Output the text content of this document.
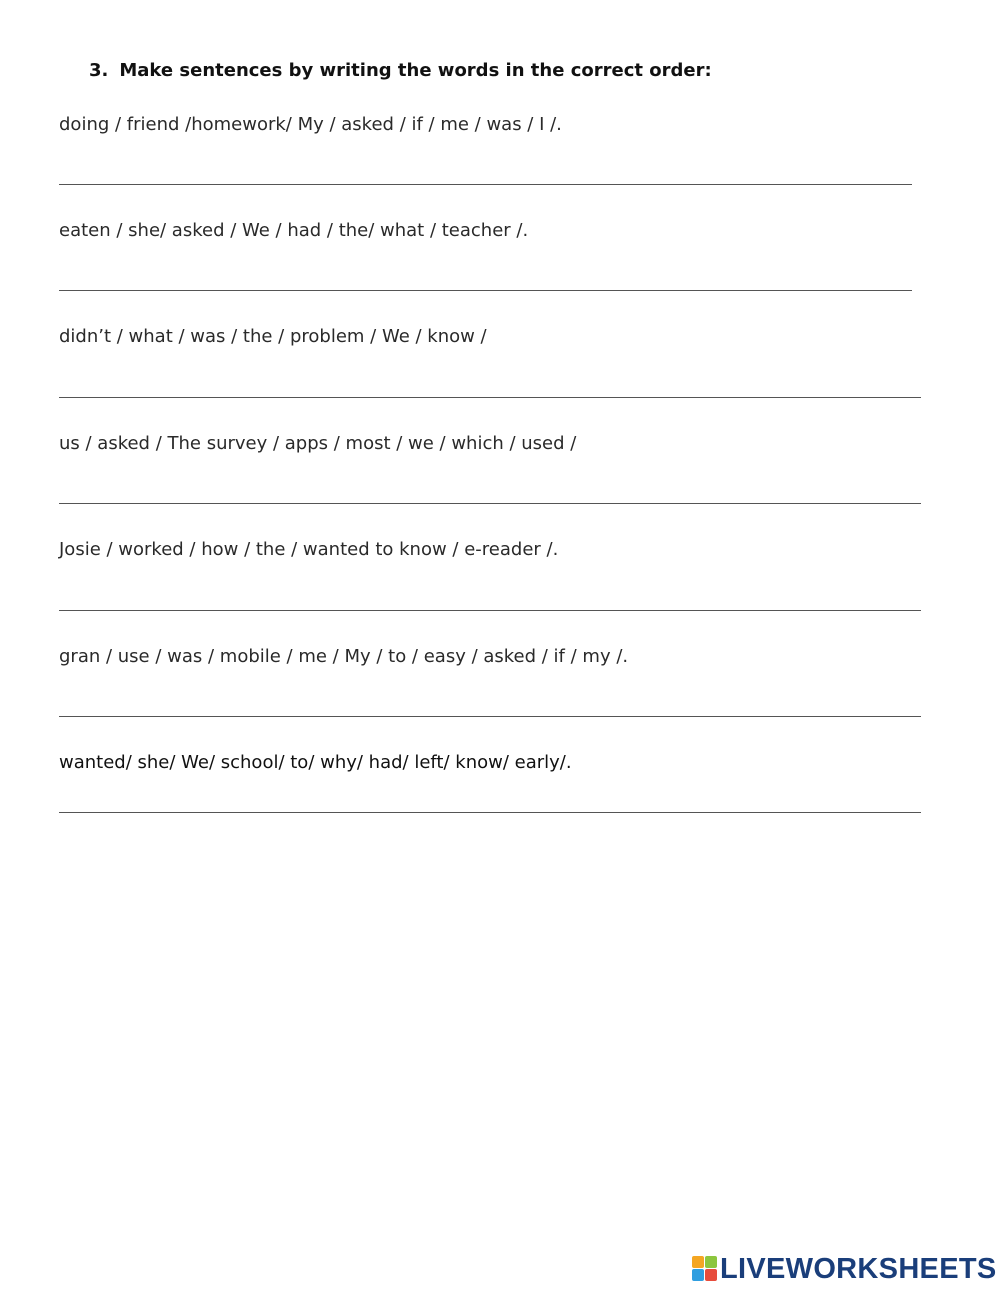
3. Make sentences by writing the words in the correct order:
doing / friend /homework/ My / asked / if / me / was / I /.
eaten / she/ asked / We / had / the/ what / teacher /.
didn’t / what / was / the / problem / We / know /
us / asked / The survey / apps / most / we / which / used /
Josie / worked / how / the / wanted to know / e-reader /.
gran / use / was / mobile / me / My / to / easy / asked / if / my /.
wanted/ she/ We/ school/ to/ why/ had/ left/ know/ early/.
LIVEWORKSHEETS
